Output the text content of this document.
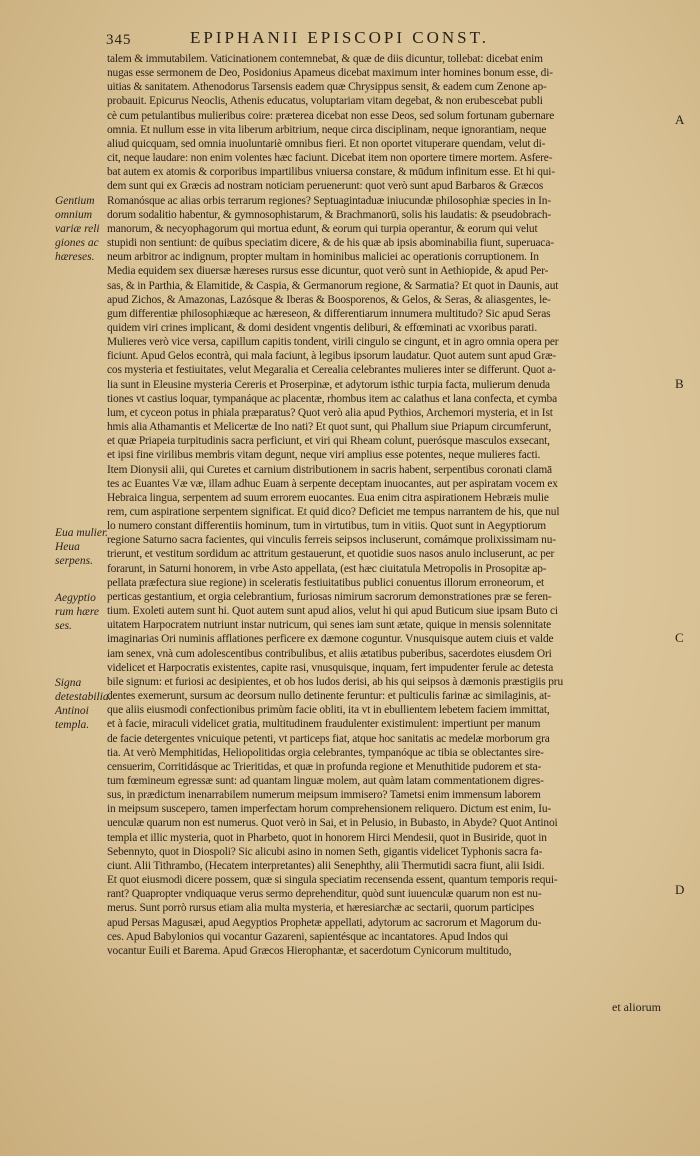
345	EPIPHANII EPISCOPI CONST.
talem & immutabilem. Vaticinationem contemnebat, & quæ de diis dicuntur, tollebat: dicebat enim
nugas esse sermonem de Deo, Posidonius Apameus dicebat maximum inter homines bonum esse, di-
uitias & sanitatem. Athenodorus Tarsensis eadem quæ Chrysippus sensit, & eadem cum Zenone ap-
probauit. Epicurus Neoclis, Athenis educatus, voluptariam vitam degebat, & non erubescebat publi
cè cum petulantibus mulieribus coire: præterea dicebat non esse Deos, sed solum fortunam gubernare
omnia. Et nullum esse in vita liberum arbitrium, neque circa disciplinam, neque ignorantiam, neque
aliud quicquam, sed omnia inuoluntariè omnibus fieri. Et non oportet vituperare quendam, velut di-
cit, neque laudare: non enim volentes hæc faciunt. Dicebat item non oportere timere mortem. Asfere-
bat autem ex atomis & corporibus impartilibus vniuersa constare, & mūdum infinitum esse. Et hi qui-
dem sunt qui ex Græcis ad nostram noticiam peruenerunt: quot verò sunt apud Barbaros & Græcos
Romanósque ac alias orbis terrarum regiones? Septuagintaduæ iniucundæ philosophiæ species in In-
dorum sodalitio habentur, & gymnosophistarum, & Brachmanorū, solis his laudatis: & pseudobrach-
manorum, & necyophagorum qui mortua edunt, & eorum qui turpia operantur, & eorum qui velut
stupidi non sentiunt: de quibus speciatim dicere, & de his quæ ab ipsis abominabilia fiunt, superuaca-
neum arbitror ac indignum, propter multam in hominibus maliciei ac operationis corruptionem. In
Media equidem sex diuersæ hæreses rursus esse dicuntur, quot verò sunt in Aethiopide, & apud Per-
sas, & in Parthia, & Elamitide, & Caspia, & Germanorum regione, & Sarmatia? Et quot in Daunis, aut
apud Zichos, & Amazonas, Lazósque & Iberas & Boosporenos, & Gelos, & Seras, & aliasgentes, le-
gum differentiæ philosophiæque ac hæreseon, & differentiarum innumera multitudo? Sic apud Seras
quidem viri crines implicant, & domi desident vngentis deliburi, & effœminati ac vxoribus parati.
Mulieres verò vice versa, capillum capitis tondent, virili cingulo se cingunt, et in agro omnia opera per
ficiunt. Apud Gelos econtrà, qui mala faciunt, à legibus ipsorum laudatur. Quot autem sunt apud Græ-
cos mysteria et festiuitates, velut Megaralia et Cerealia celebrantes mulieres inter se differunt. Quot a-
lia sunt in Eleusine mysteria Cereris et Proserpinæ, et adytorum isthic turpia facta, mulierum denuda
tiones vt castius loquar, tympanáque ac placentæ, rhombus item ac calathus et lana confecta, et cymba
lum, et cyceon potus in phiala præparatus? Quot verò alia apud Pythios, Archemori mysteria, et in Ist
hmis alia Athamantis et Melicertæ de Ino nati? Et quot sunt, qui Phallum siue Priapum circumferunt,
et quæ Priapeia turpitudinis sacra perficiunt, et viri qui Rheam colunt, puerósque masculos exsecant,
et ipsi fine virilibus membris vitam degunt, neque viri amplius esse potentes, neque mulieres facti.
Item Dionysii alii, qui Curetes et carnium distributionem in sacris habent, serpentibus coronati clamā
tes ac Euantes Væ væ, illam adhuc Euam à serpente deceptam inuocantes, aut per aspiratam vocem ex
Hebraica lingua, serpentem ad suum errorem euocantes. Eua enim citra aspirationem Hebræis mulie
rem, cum aspiratione serpentem significat. Et quid dico? Deficiet me tempus narrantem de his, que nul
lo numero constant differentiis hominum, tum in virtutibus, tum in vitiis. Quot sunt in Aegyptiorum
regione Saturno sacra facientes, qui vinculis ferreis seipsos incluserunt, comámque prolixissimam nu-
trierunt, et vestitum sordidum ac attritum gestauerunt, et quotidie suos nasos anulo incluserunt, ac per
forarunt, in Saturni honorem, in vrbe Asto appellata, (est hæc ciuitatula Metropolis in Prosopitæ ap-
pellata præfectura siue regione) in sceleratis festiuitatibus publici conuentus illorum erroneorum, et
perticas gestantium, et orgia celebrantium, furiosas nimirum sacrorum demonstrationes præ se feren-
tium. Exoleti autem sunt hi. Quot autem sunt apud alios, velut hi qui apud Buticum siue ipsam Buto ci
uitatem Harpocratem nutriunt instar nutricum, qui senes iam sunt ætate, quique in mensis solennitate
imaginarias Ori numinis afflationes perficere ex dæmone coguntur. Vnusquisque autem ciuis et valde
iam senex, vnà cum adolescentibus contribulibus, et aliis ætatibus puberibus, sacerdotes eiusdem Ori
videlicet et Harpocratis existentes, capite rasi, vnusquisque, inquam, fert impudenter ferule ac detesta
bile signum: et furiosi ac desipientes, et ob hos ludos derisi, ab his qui seipsos à dæmonis præstigiis pru
dentes exemerunt, sursum ac deorsum nullo detinente feruntur: et pulticulis farinæ ac similaginis, at-
que aliis eiusmodi confectionibus primùm facie obliti, ita vt in ebullientem lebetem faciem immittat,
et à facie, miraculi videlicet gratia, multitudinem fraudulenter existimulent: impertiunt per manum
de facie detergentes vnicuique petenti, vt particeps fiat, atque hoc sanitatis ac medelæ morborum gra
tia. At verò Memphitidas, Heliopolitidas orgia celebrantes, tympanóque ac tibia se oblectantes sire-
censuerim, Corritidásque ac Trieritidas, et quæ in profunda regione et Menuthitide pudorem et sta-
tum fœmineum egressæ sunt: ad quantam linguæ molem, aut quàm latam commentationem digres-
sus, in prædictum inenarrabilem numerum meipsum immisero? Tametsi enim immensum laborem
in meipsum suscepero, tamen imperfectam horum comprehensionem reliquero. Dictum est enim, Iu-
uenculæ quarum non est numerus. Quot verò in Sai, et in Pelusio, in Bubasto, in Abyde? Quot Antinoi
templa et illic mysteria, quot in Pharbeto, quot in honorem Hirci Mendesii, quot in Busiride, quot in
Sebennyto, quot in Diospoli? Sic alicubi asino in nomen Seth, gigantis videlicet Typhonis sacra fa-
ciunt. Alii Tithrambo, (Hecatem interpretantes) alii Senephthy, alii Thermutidi sacra fiunt, alii Isidi.
Et quot eiusmodi dicere possem, quæ si singula speciatim recensenda essent, quantum temporis requi-
rant? Quapropter vndiquaque verus sermo deprehenditur, quòd sunt iuuenculæ quarum non est nu-
merus. Sunt porrò rursus etiam alia multa mysteria, et hæresiarchæ ac sectarii, quorum participes
apud Persas Magusæi, apud Aegyptios Prophetæ appellati, adytorum ac sacrorum et Magorum du-
ces. Apud Babylonios qui vocantur Gazareni, sapientésque ac incantatores. Apud Indos qui
vocantur Euili et Barema. Apud Græcos Hierophantæ, et sacerdotum Cynicorum multitudo,
Gentium omnium variæ reli giones ac hæreses.
Eua mulier. Heua serpens.
Aegyptio rum hære ses.
Signa detestabilia. Antinoi templa.
A
B
C
D
et aliorum
